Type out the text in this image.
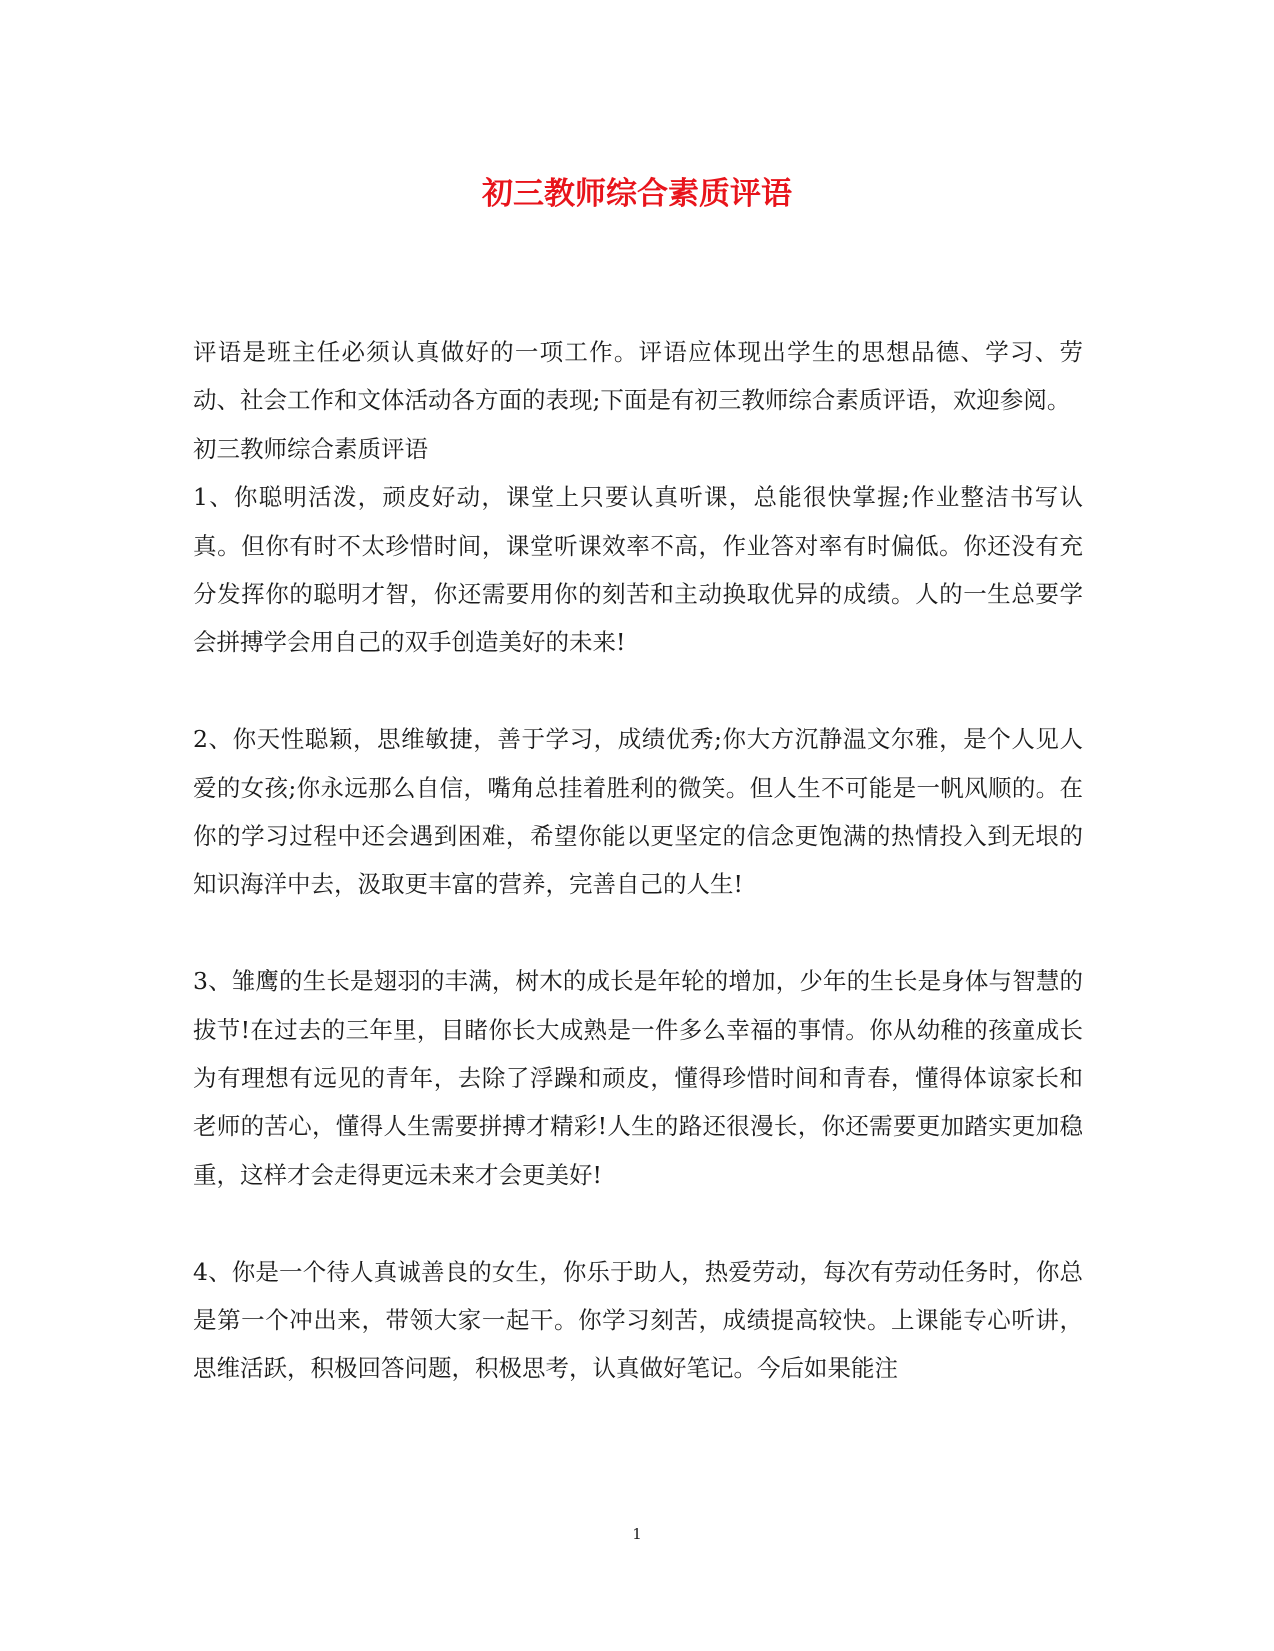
初三教师综合素质评语

评语是班主任必须认真做好的一项工作。评语应体现出学生的思想品德、学习、劳动、社会工作和文体活动各方面的表现;下面是有初三教师综合素质评语，欢迎参阅。

初三教师综合素质评语

1、你聪明活泼，顽皮好动，课堂上只要认真听课，总能很快掌握;作业整洁书写认真。但你有时不太珍惜时间，课堂听课效率不高，作业答对率有时偏低。你还没有充分发挥你的聪明才智，你还需要用你的刻苦和主动换取优异的成绩。人的一生总要学会拼搏学会用自己的双手创造美好的未来!

2、你天性聪颖，思维敏捷，善于学习，成绩优秀;你大方沉静温文尔雅，是个人见人爱的女孩;你永远那么自信，嘴角总挂着胜利的微笑。但人生不可能是一帆风顺的。在你的学习过程中还会遇到困难，希望你能以更坚定的信念更饱满的热情投入到无垠的知识海洋中去，汲取更丰富的营养，完善自己的人生!

3、雏鹰的生长是翅羽的丰满，树木的成长是年轮的增加，少年的生长是身体与智慧的拔节!在过去的三年里，目睹你长大成熟是一件多么幸福的事情。你从幼稚的孩童成长为有理想有远见的青年，去除了浮躁和顽皮，懂得珍惜时间和青春，懂得体谅家长和老师的苦心，懂得人生需要拼搏才精彩!人生的路还很漫长，你还需要更加踏实更加稳重，这样才会走得更远未来才会更美好!

4、你是一个待人真诚善良的女生，你乐于助人，热爱劳动，每次有劳动任务时，你总是第一个冲出来，带领大家一起干。你学习刻苦，成绩提高较快。上课能专心听讲，思维活跃，积极回答问题，积极思考，认真做好笔记。今后如果能注

1
